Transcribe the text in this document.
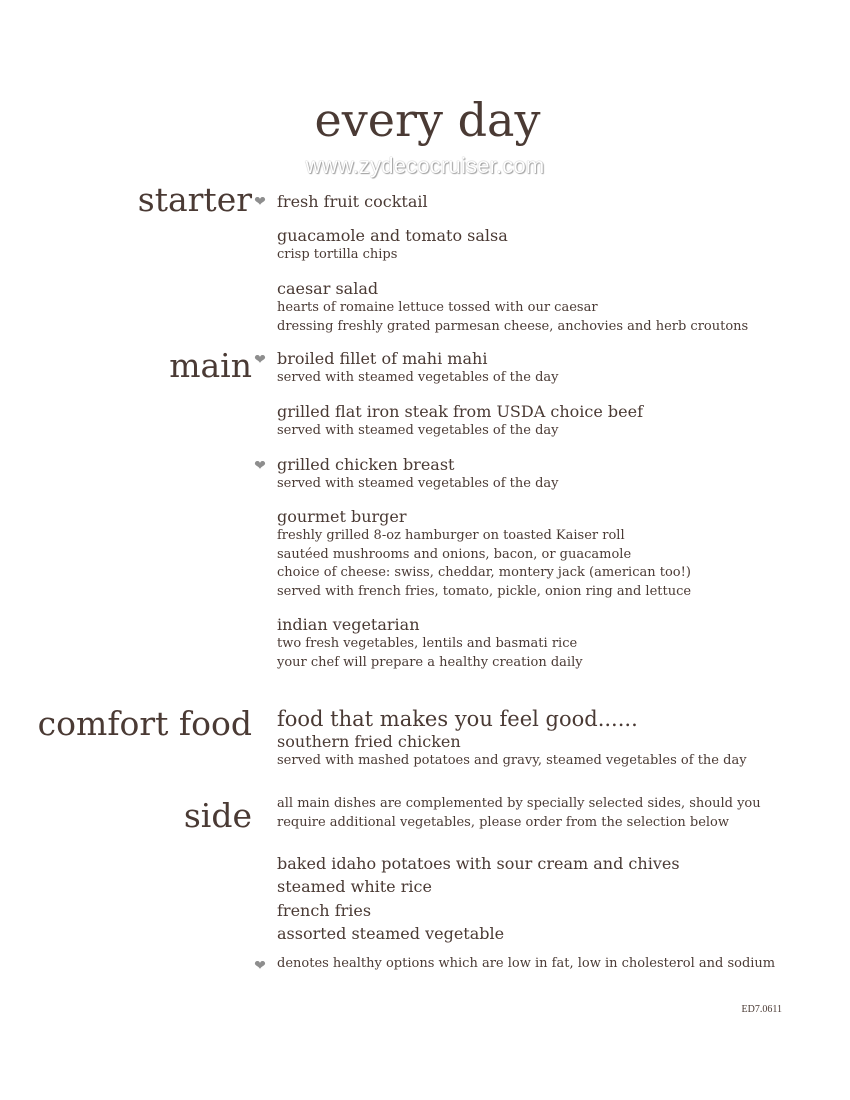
every day
www.zydecocruiser.com
starter ❤ fresh fruit cocktail
guacamole and tomato salsa
crisp tortilla chips
caesar salad
hearts of romaine lettuce tossed with our caesar
dressing freshly grated parmesan cheese, anchovies and herb croutons
main ❤ broiled fillet of mahi mahi
served with steamed vegetables of the day
grilled flat iron steak from USDA choice beef
served with steamed vegetables of the day
❤ grilled chicken breast
served with steamed vegetables of the day
gourmet burger
freshly grilled 8-oz hamburger on toasted Kaiser roll
sautéed mushrooms and onions, bacon, or guacamole
choice of cheese: swiss, cheddar, montery jack (american too!)
served with french fries, tomato, pickle, onion ring and lettuce
indian vegetarian
two fresh vegetables, lentils and basmati rice
your chef will prepare a healthy creation daily
comfort food food that makes you feel good......
southern fried chicken
served with mashed potatoes and gravy, steamed vegetables of the day
side all main dishes are complemented by specially selected sides, should you
require additional vegetables, please order from the selection below
baked idaho potatoes with sour cream and chives
steamed white rice
french fries
assorted steamed vegetable
❤ denotes healthy options which are low in fat, low in cholesterol and sodium
ED7.0611
